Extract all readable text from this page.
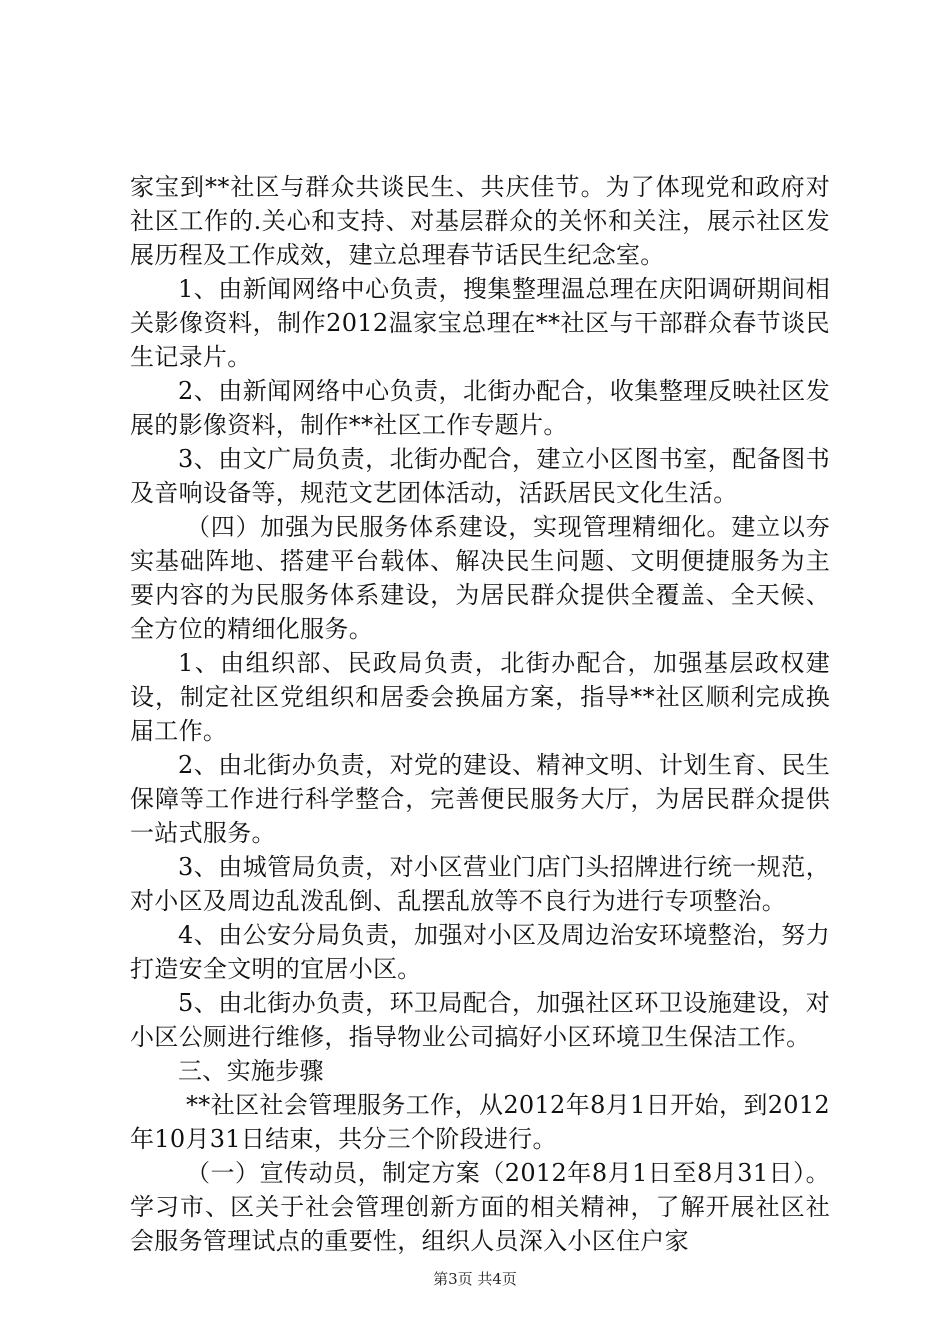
家宝到**社区与群众共谈民生、共庆佳节。为了体现党和政府对社区工作的.关心和支持、对基层群众的关怀和关注，展示社区发展历程及工作成效，建立总理春节话民生纪念室。

1、由新闻网络中心负责，搜集整理温总理在庆阳调研期间相关影像资料，制作2012温家宝总理在**社区与干部群众春节谈民生记录片。

2、由新闻网络中心负责，北街办配合，收集整理反映社区发展的影像资料，制作**社区工作专题片。

3、由文广局负责，北街办配合，建立小区图书室，配备图书及音响设备等，规范文艺团体活动，活跃居民文化生活。

（四）加强为民服务体系建设，实现管理精细化。建立以夯实基础阵地、搭建平台载体、解决民生问题、文明便捷服务为主要内容的为民服务体系建设，为居民群众提供全覆盖、全天候、全方位的精细化服务。

1、由组织部、民政局负责，北街办配合，加强基层政权建设，制定社区党组织和居委会换届方案，指导**社区顺利完成换届工作。

2、由北街办负责，对党的建设、精神文明、计划生育、民生保障等工作进行科学整合，完善便民服务大厅，为居民群众提供一站式服务。

3、由城管局负责，对小区营业门店门头招牌进行统一规范，对小区及周边乱泼乱倒、乱摆乱放等不良行为进行专项整治。

4、由公安分局负责，加强对小区及周边治安环境整治，努力打造安全文明的宜居小区。

5、由北街办负责，环卫局配合，加强社区环卫设施建设，对小区公厕进行维修，指导物业公司搞好小区环境卫生保洁工作。

三、实施步骤

**社区社会管理服务工作，从2012年8月1日开始，到2012年10月31日结束，共分三个阶段进行。

（一）宣传动员，制定方案（2012年8月1日至8月31日）。学习市、区关于社会管理创新方面的相关精神，了解开展社区社会服务管理试点的重要性，组织人员深入小区住户家

第3页 共4页
